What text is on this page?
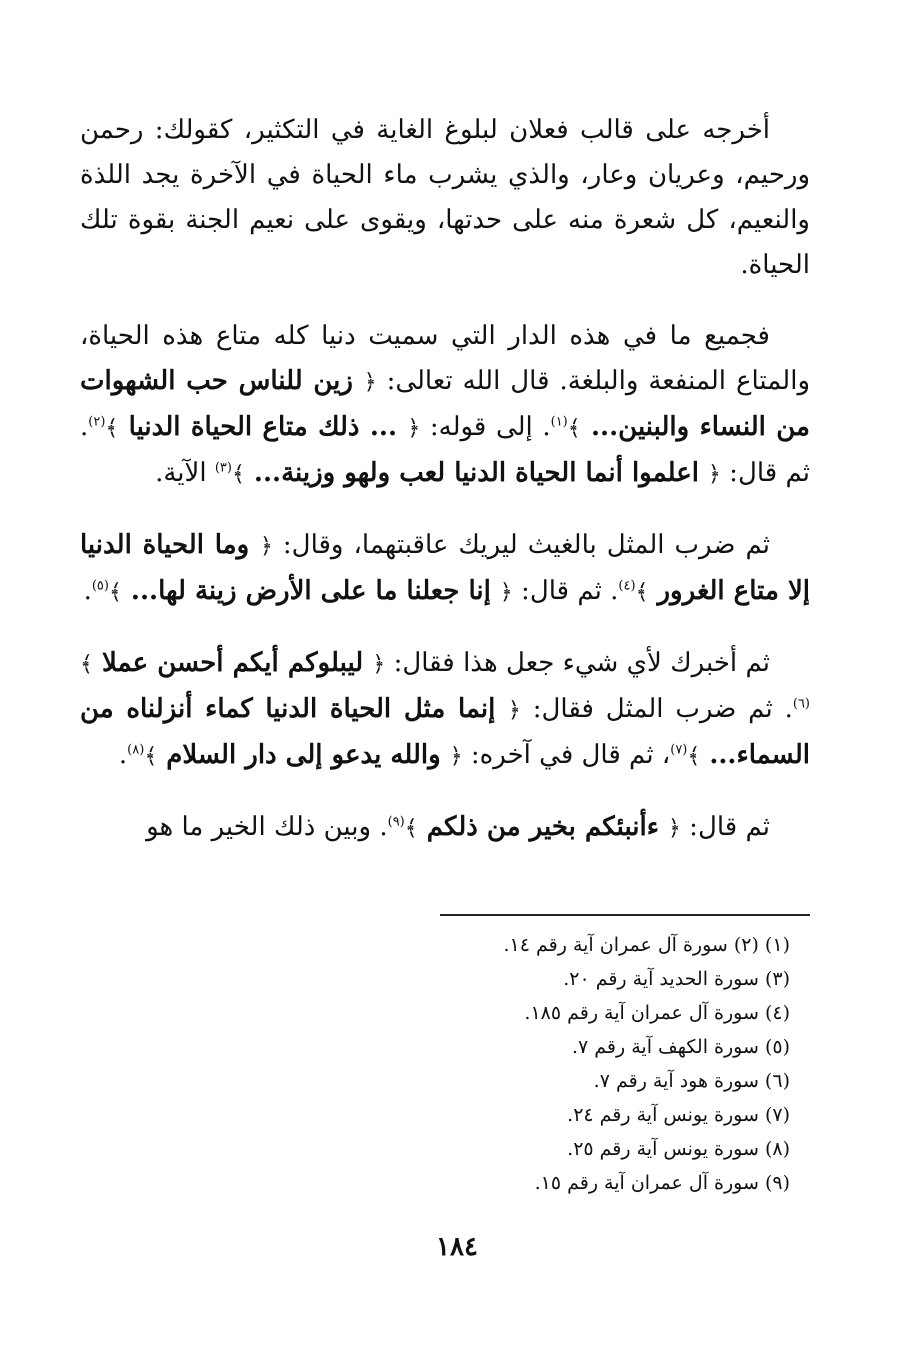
أخرجه على قالب فعلان لبلوغ الغاية في التكثير، كقولك: رحمن ورحيم، وعريان وعار، والذي يشرب ماء الحياة في الآخرة يجد اللذة والنعيم، كل شعرة منه على حدتها، ويقوى على نعيم الجنة بقوة تلك الحياة.

فجميع ما في هذه الدار التي سميت دنيا كله متاع هذه الحياة، والمتاع المنفعة والبلغة. قال الله تعالى: ﴿ زين للناس حب الشهوات من النساء والبنين... ﴾$^{(١)}$. إلى قوله: ﴿ ... ذلك متاع الحياة الدنيا ﴾$^{(٢)}$. ثم قال: ﴿ اعلموا أنما الحياة الدنيا لعب ولهو وزينة... ﴾$^{(٣)}$ الآية.

ثم ضرب المثل بالغيث ليريك عاقبتهما، وقال: ﴿ وما الحياة الدنيا إلا متاع الغرور ﴾$^{(٤)}$. ثم قال: ﴿ إنا جعلنا ما على الأرض زينة لها... ﴾$^{(٥)}$.

ثم أخبرك لأي شيء جعل هذا فقال: ﴿ ليبلوكم أيكم أحسن عملا ﴾$^{(٦)}$. ثم ضرب المثل فقال: ﴿ إنما مثل الحياة الدنيا كماء أنزلناه من السماء... ﴾$^{(٧)}$، ثم قال في آخره: ﴿ والله يدعو إلى دار السلام ﴾$^{(٨)}$.

ثم قال: ﴿ ءأنبئكم بخير من ذلكم ﴾$^{(٩)}$. وبين ذلك الخير ما هو

(١) (٢) سورة آل عمران آية رقم ١٤.
(٣) سورة الحديد آية رقم ٢٠.
(٤) سورة آل عمران آية رقم ١٨٥.
(٥) سورة الكهف آية رقم ٧.
(٦) سورة هود آية رقم ٧.
(٧) سورة يونس آية رقم ٢٤.
(٨) سورة يونس آية رقم ٢٥.
(٩) سورة آل عمران آية رقم ١٥.
١٨٤
